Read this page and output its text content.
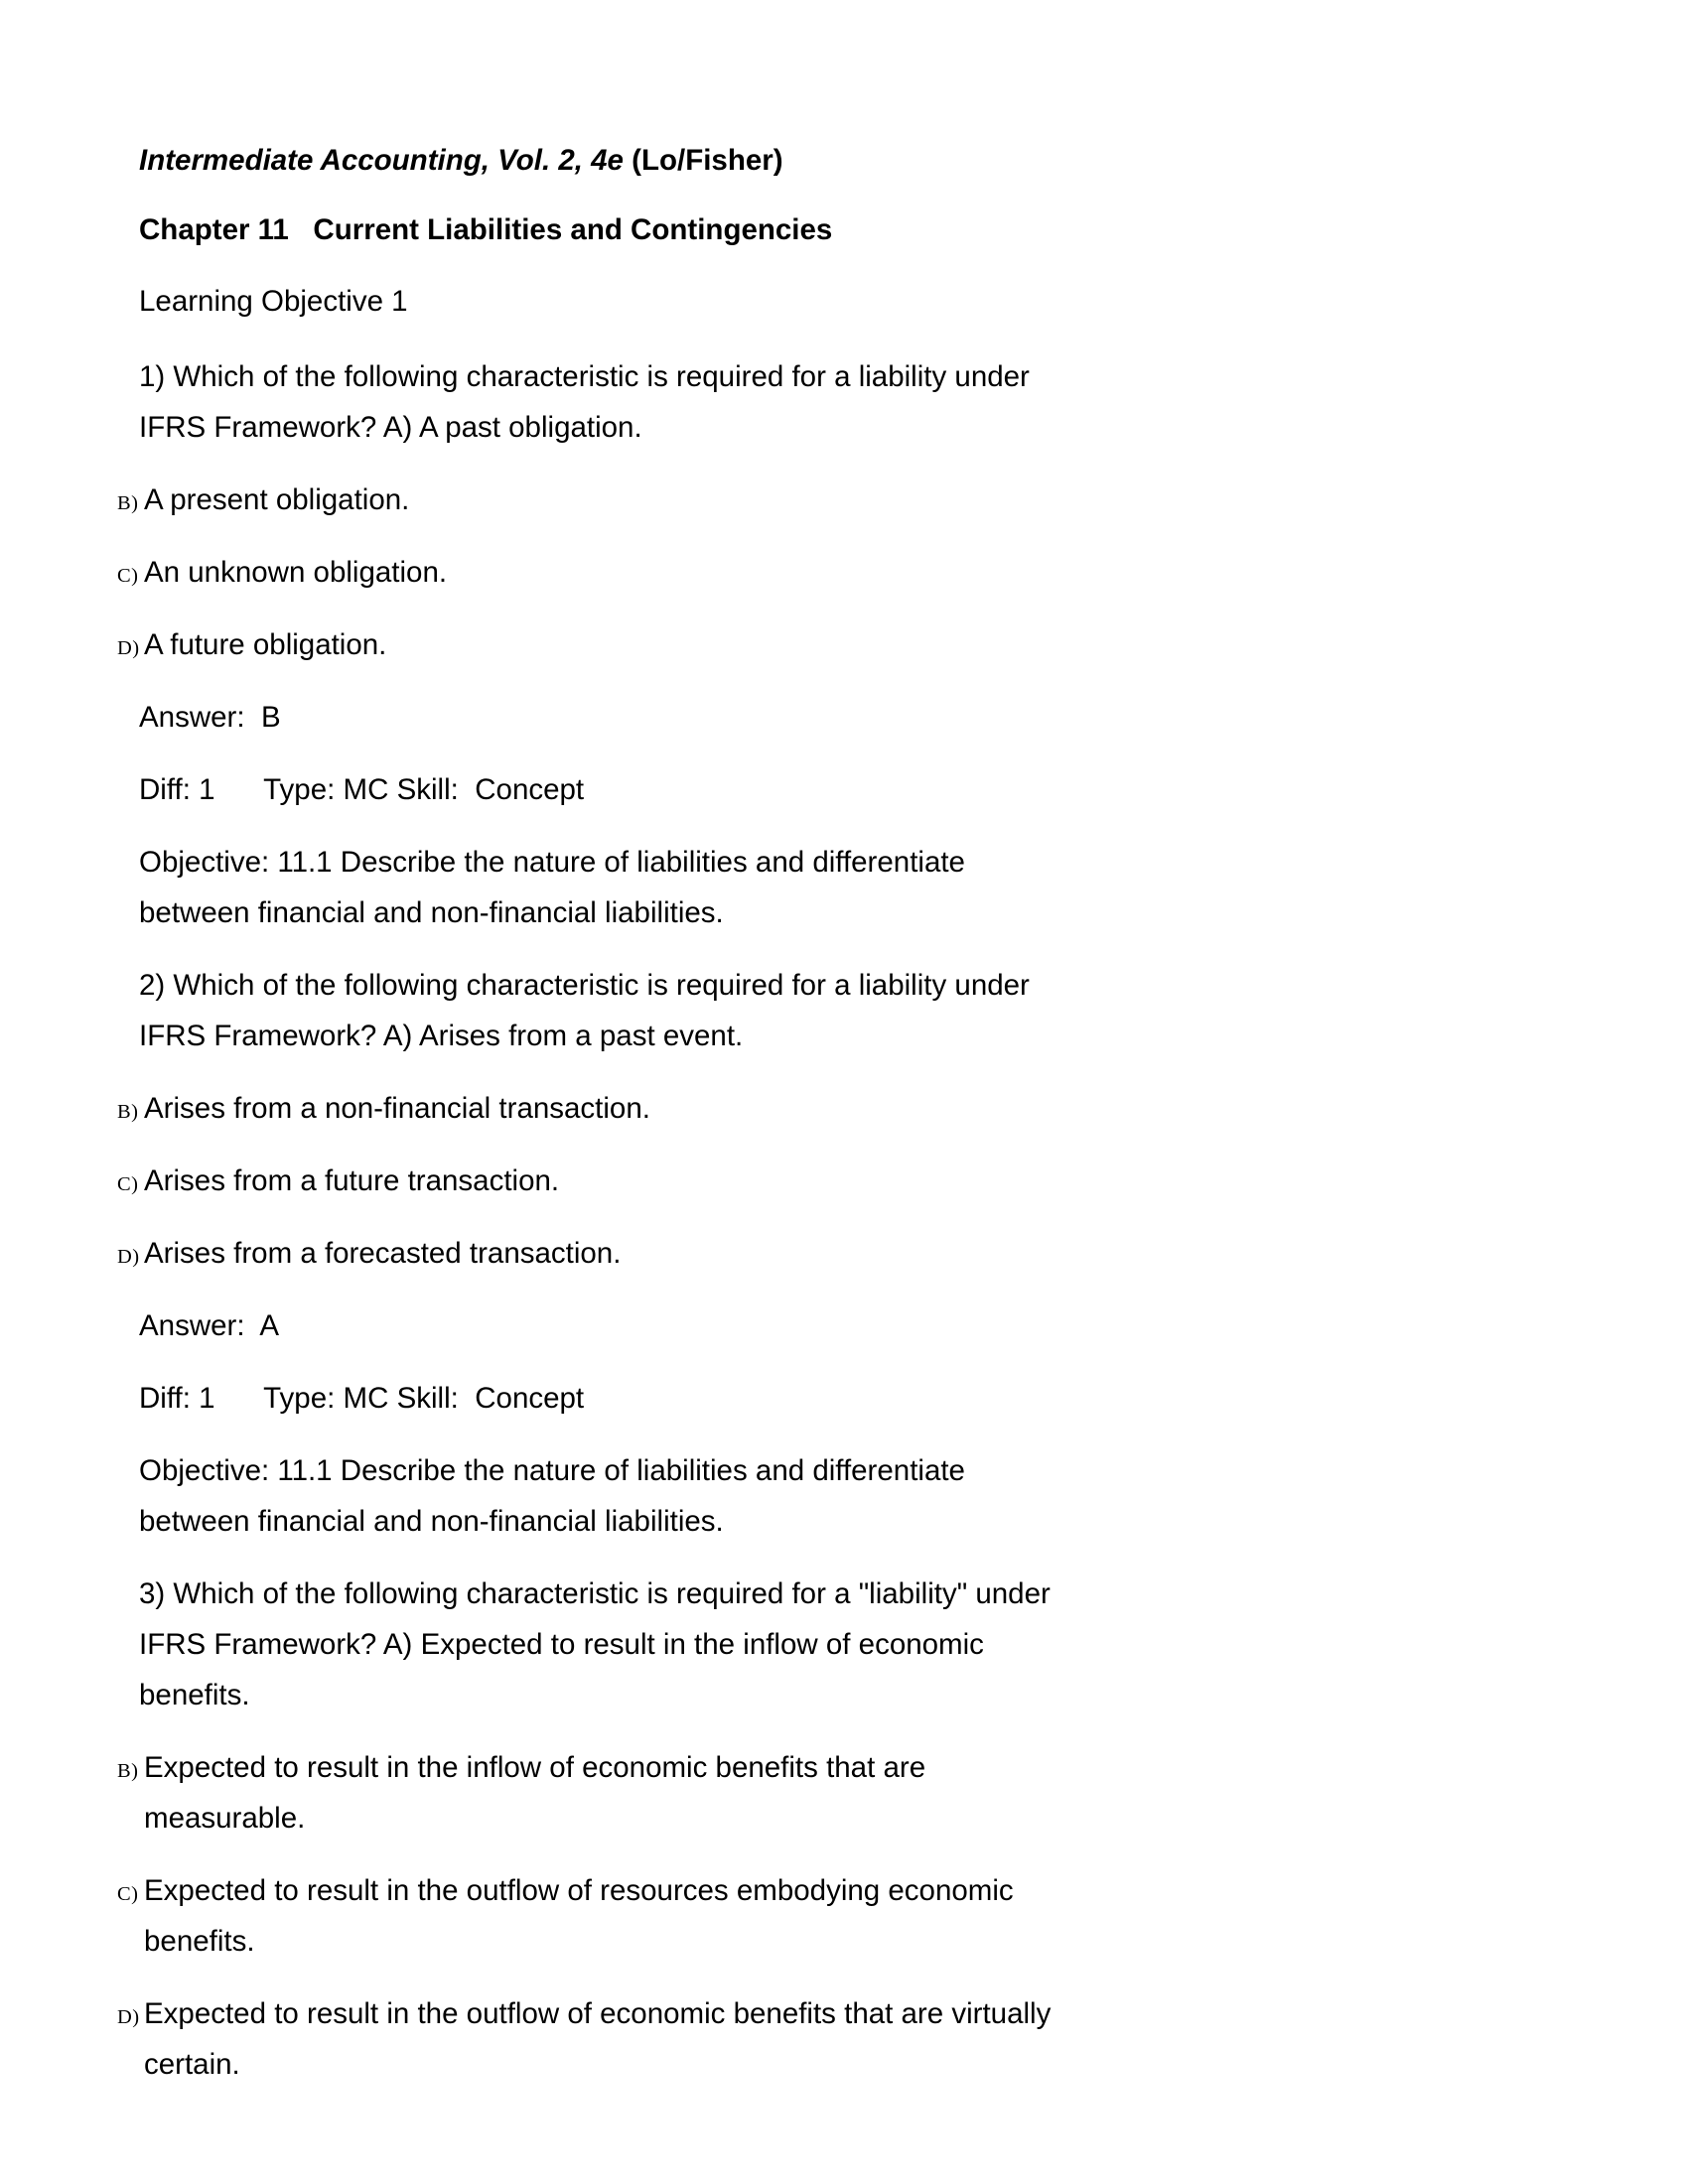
Intermediate Accounting, Vol. 2, 4e (Lo/Fisher)

Chapter 11   Current Liabilities and Contingencies

Learning Objective 1

1) Which of the following characteristic is required for a liability under IFRS Framework? A) A past obligation.

B) A present obligation.
C) An unknown obligation.
D) A future obligation.

Answer:  B

Diff: 1      Type: MC Skill:  Concept

Objective: 11.1 Describe the nature of liabilities and differentiate between financial and non-financial liabilities.

2) Which of the following characteristic is required for a liability under IFRS Framework? A) Arises from a past event.

B) Arises from a non-financial transaction.
C) Arises from a future transaction.
D) Arises from a forecasted transaction.

Answer:  A

Diff: 1      Type: MC Skill:  Concept

Objective: 11.1 Describe the nature of liabilities and differentiate between financial and non-financial liabilities.

3) Which of the following characteristic is required for a "liability" under IFRS Framework? A) Expected to result in the inflow of economic benefits.

B) Expected to result in the inflow of economic benefits that are measurable.
C) Expected to result in the outflow of resources embodying economic benefits.
D) Expected to result in the outflow of economic benefits that are virtually certain.
